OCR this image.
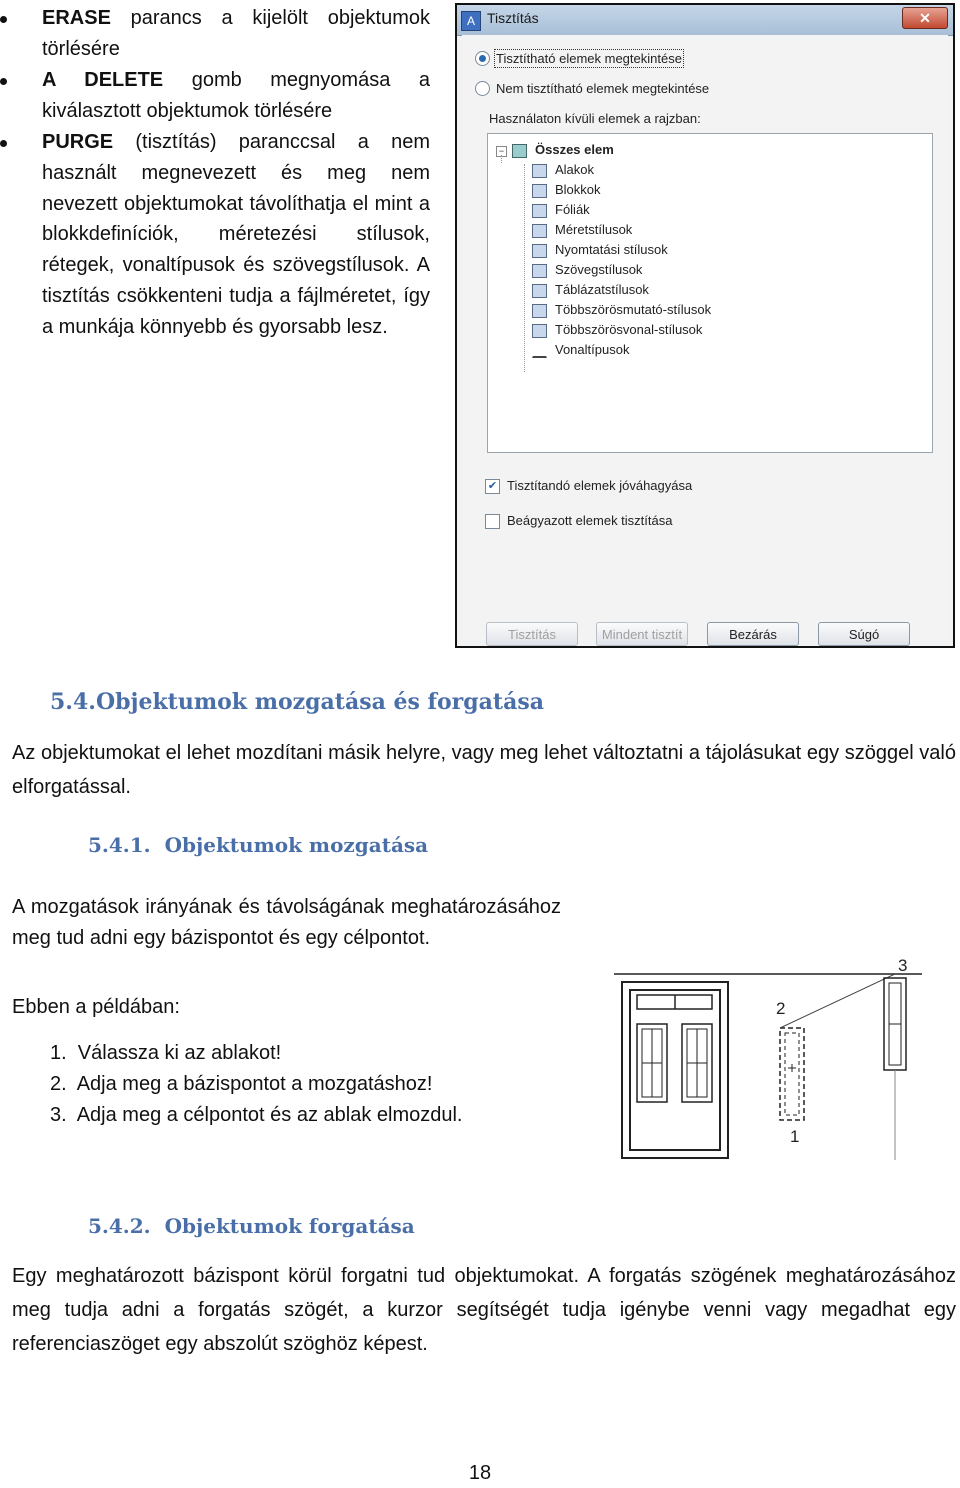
ERASE parancs a kijelölt objektumok törlésére
A DELETE gomb megnyomása a kiválasztott objektumok törlésére
PURGE (tisztítás) paranccsal a nem használt megnevezett és meg nem nevezett objektumokat távolíthatja el mint a blokkdefiníciók, méretezési stílusok, rétegek, vonaltípusok és szövegstílusok. A tisztítás csökkenteni tudja a fájlméretet, így a munkája könnyebb és gyorsabb lesz.
A Tisztítás	✕
Tisztítható elemek megtekintése
Nem tisztítható elemek megtekintése
Használaton kívüli elemek a rajzban:
−	Összes elem
Alakok
Blokkok
Fóliák
Méretstílusok
Nyomtatási stílusok
Szövegstílusok
Táblázatstílusok
Többszörösmutató-stílusok
Többszörösvonal-stílusok
Vonaltípusok
✔ Tisztítandó elemek jóváhagyása
Beágyazott elemek tisztítása
Tisztítás	Mindent tisztít	Bezárás	Súgó
5.4.Objektumok mozgatása és forgatása
Az objektumokat el lehet mozdítani másik helyre, vagy meg lehet változtatni a tájolásukat egy szöggel való elforgatással.
5.4.1. Objektumok mozgatása
A mozgatások irányának és távolságának meghatározásához meg tud adni egy bázispontot és egy célpontot.
Ebben a példában:
1.  Válassza ki az ablakot!
2.  Adja meg a bázispontot a mozgatáshoz!
3.  Adja meg a célpontot és az ablak elmozdul.
3
2
1
5.4.2. Objektumok forgatása
Egy meghatározott bázispont körül forgatni tud objektumokat. A forgatás szögének meghatározásához meg tudja adni a forgatás szögét, a kurzor segítségét tudja igénybe venni vagy megadhat egy referenciaszöget egy abszolút szöghöz képest.
18
